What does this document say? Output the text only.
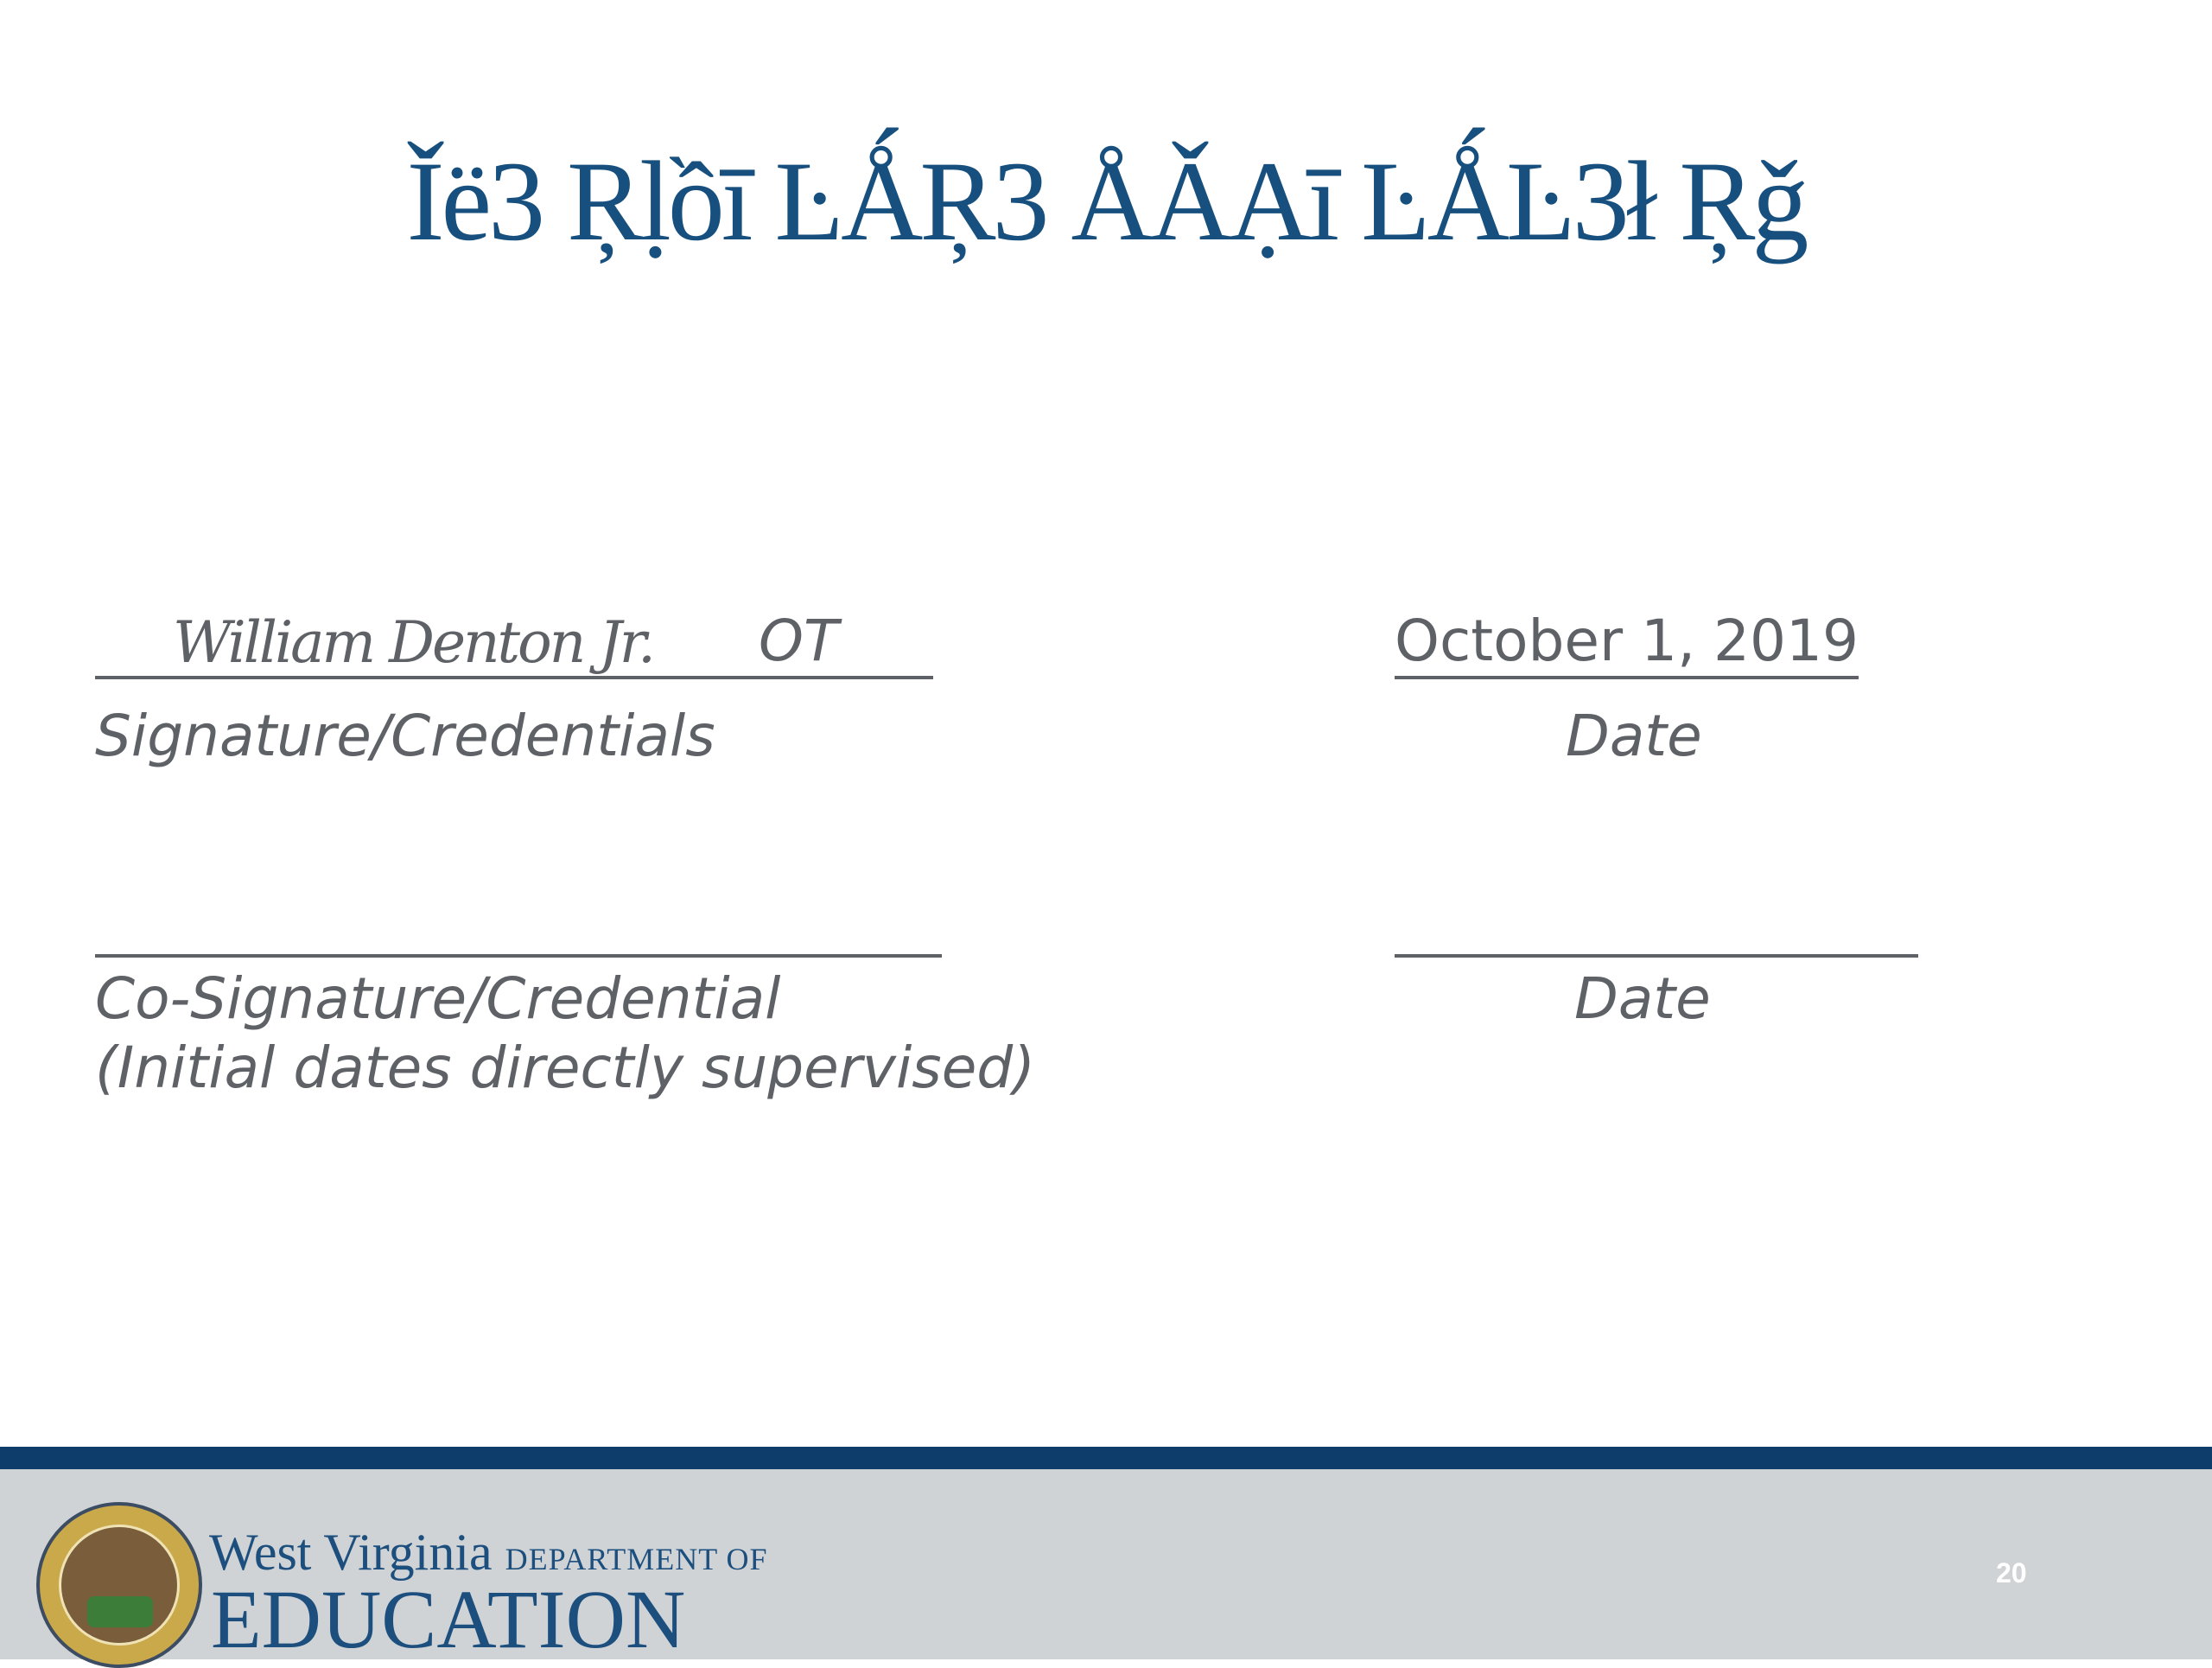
Ǐë3 Ŗḷồī ĿǺŖ3 ÅǍẠī ĿǺĿ3ł Ŗǧ
William Denton Jr. OT
Signature/Credentials
October 1, 2019
Date
Co-Signature/Credential
(Initial dates directly supervised)
Date
West Virginia DEPARTMENT OF
EDUCATION	20
